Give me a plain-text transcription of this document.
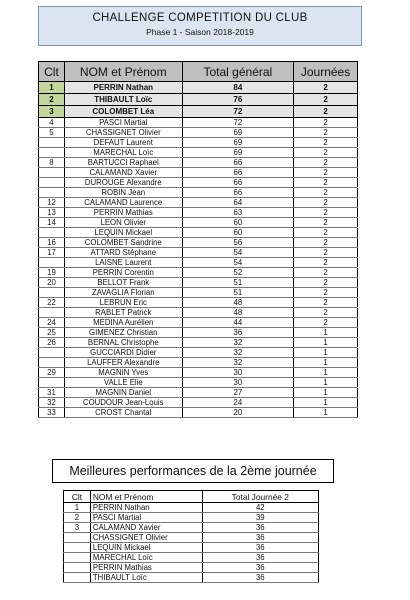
CHALLENGE COMPETITION DU CLUB
Phase 1 - Saison 2018-2019
Clt	NOM et Prénom	Total général	Journées
1	PERRIN Nathan	84	2
2	THIBAULT Loïc	76	2
3	COLOMBET Léa	72	2
4	PASCI Martial	72	2
5	CHASSIGNET Olivier	69	2
	DEFAUT Laurent	69	2
	MARECHAL Loïc	69	2
8	BARTUCCI Raphael	66	2
	CALAMAND Xavier	66	2
	DUROUGE Alexandre	66	2
	ROBIN Jean	66	2
12	CALAMAND Laurence	64	2
13	PERRIN Mathias	63	2
14	LEON Olivier	60	2
	LEQUIN Mickael	60	2
16	COLOMBET Sandrine	56	2
17	ATTARD Stéphane	54	2
	LAISNE Laurent	54	2
19	PERRIN Corentin	52	2
20	BELLOT Frank	51	2
	ZAVAGLIA Florian	51	2
22	LEBRUN Eric	48	2
	RABLET Patrick	48	2
24	MEDINA Aurélien	44	2
25	GIMENEZ Christian	36	1
26	BERNAL Christophe	32	1
	GUCCIARDI Didier	32	1
	LAUFFER Alexandre	32	1
29	MAGNIN Yves	30	1
	VALLE Elie	30	1
31	MAGNIN Daniel	27	1
32	COUDOUR Jean-Louis	24	1
33	CROST Chantal	20	1
Meilleures performances de la 2ème journée
Clt	NOM et Prénom	Total Journée 2
1	PERRIN Nathan	42
2	PASCI Martial	39
3	CALAMAND Xavier	36
	CHASSIGNET Olivier	36
	LEQUIN Mickael	36
	MARECHAL Loïc	36
	PERRIN Mathias	36
	THIBAULT Loïc	36
